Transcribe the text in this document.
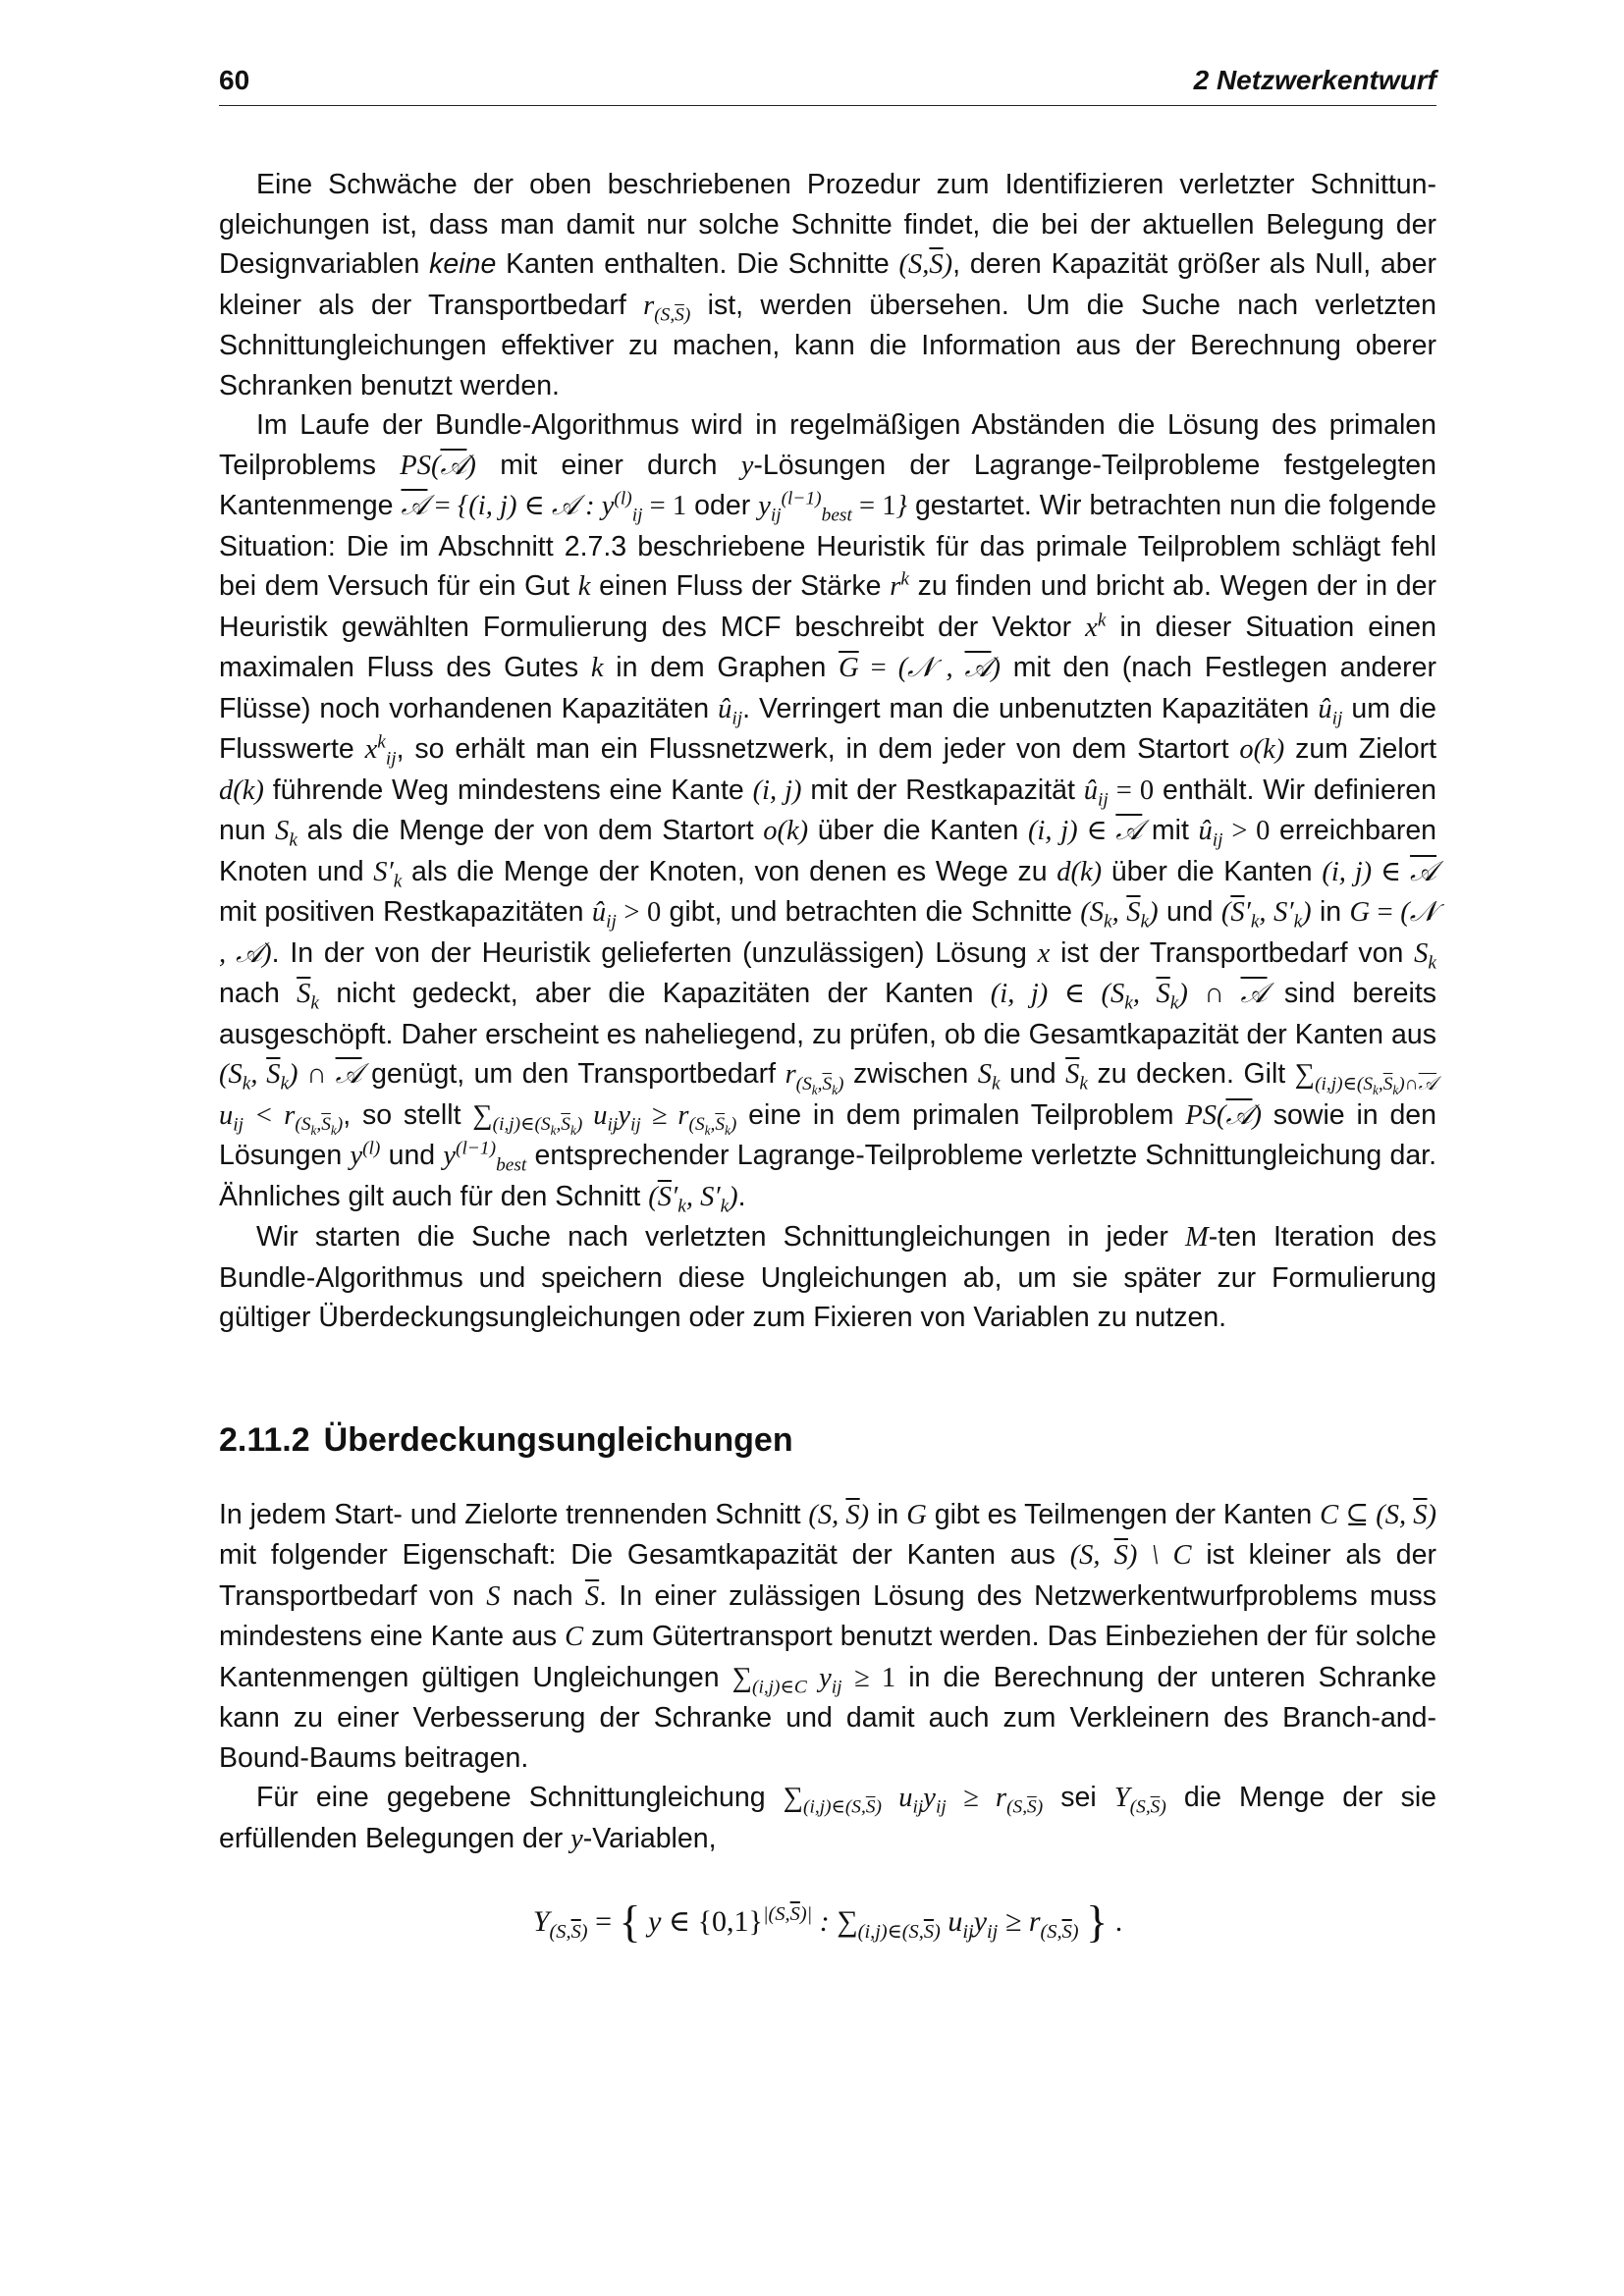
60	2 Netzwerkentwurf

Eine Schwäche der oben beschriebenen Prozedur zum Identifizieren verletzter Schnittungleichungen ist, dass man damit nur solche Schnitte findet, die bei der aktuellen Belegung der Designvariablen keine Kanten enthalten. Die Schnitte $(S,\overline{S})$, deren Kapazität größer als Null, aber kleiner als der Transportbedarf $r_{(S,\overline{S})}$ ist, werden übersehen. Um die Suche nach verletzten Schnittungleichungen effektiver zu machen, kann die Information aus der Berechnung oberer Schranken benutzt werden.

Im Laufe der Bundle-Algorithmus wird in regelmäßigen Abständen die Lösung des primalen Teilproblems PS(𝒜) mit einer durch y-Lösungen der Lagrange-Teilprobleme festgelegten Kantenmenge 𝒜 = {(i, j) ∈ 𝒜 : $y^{(l)}_{ij} = 1$ oder $y_{ij}^{(l-1)}_{best} = 1$} gestartet. Wir betrachten nun die folgende Situation: Die im Abschnitt 2.7.3 beschriebene Heuristik für das primale Teilproblem schlägt fehl bei dem Versuch für ein Gut k einen Fluss der Stärke $r^k$ zu finden und bricht ab. Wegen der in der Heuristik gewählten Formulierung des MCF beschreibt der Vektor $x^k$ in dieser Situation einen maximalen Fluss des Gutes k in dem Graphen $\overline{G}$ = (𝒩 , 𝒜) mit den (nach Festlegen anderer Flüsse) noch vorhandenen Kapazitäten $û_{ij}$. Verringert man die unbenutzten Kapazitäten $û_{ij}$ um die Flusswerte $x^k_{ij}$, so erhält man ein Flussnetzwerk, in dem jeder von dem Startort o(k) zum Zielort d(k) führende Weg mindestens eine Kante (i, j) mit der Restkapazität $û_{ij} = 0$ enthält. Wir definieren nun $S_k$ als die Menge der von dem Startort o(k) über die Kanten (i, j) ∈ 𝒜 mit $û_{ij} > 0$ erreichbaren Knoten und $S'_k$ als die Menge der Knoten, von denen es Wege zu d(k) über die Kanten (i, j) ∈ 𝒜 mit positiven Restkapazitäten $û_{ij} > 0$ gibt, und betrachten die Schnitte ($S_k$, $\overline{S}_k$) und ($\overline{S}'_k$, $S'_k$) in G = (𝒩 , 𝒜). In der von der Heuristik gelieferten (unzulässigen) Lösung x ist der Transportbedarf von $S_k$ nach $\overline{S}_k$ nicht gedeckt, aber die Kapazitäten der Kanten (i, j) ∈ ($S_k$, $\overline{S}_k$) ∩ 𝒜 sind bereits ausgeschöpft. Daher erscheint es naheliegend, zu prüfen, ob die Gesamtkapazität der Kanten aus ($S_k$, $\overline{S}_k$) ∩ 𝒜 genügt, um den Transportbedarf $r_{(S_k,\overline{S}_k)}$ zwischen $S_k$ und $\overline{S}_k$ zu decken. Gilt $\sum_{(i,j)\in(S_k,\overline{S}_k)\cap 𝒜}$ $u_{ij} < r_{(S_k,\overline{S}_k)}$, so stellt $\sum_{(i,j)\in(S_k,\overline{S}_k)}$ $u_{ij}y_{ij} \ge r_{(S_k,\overline{S}_k)}$ eine in dem primalen Teilproblem PS(𝒜) sowie in den Lösungen $y^{(l)}$ und $y^{(l-1)}_{best}$ entsprechender Lagrange-Teilprobleme verletzte Schnittungleichung dar. Ähnliches gilt auch für den Schnitt ($\overline{S}'_k$, $S'_k$).

Wir starten die Suche nach verletzten Schnittungleichungen in jeder M-ten Iteration des Bundle-Algorithmus und speichern diese Ungleichungen ab, um sie später zur Formulierung gültiger Überdeckungsungleichungen oder zum Fixieren von Variablen zu nutzen.

2.11.2 Überdeckungsungleichungen

In jedem Start- und Zielorte trennenden Schnitt (S, $\overline{S}$) in G gibt es Teilmengen der Kanten C ⊆ (S, $\overline{S}$) mit folgender Eigenschaft: Die Gesamtkapazität der Kanten aus (S, $\overline{S}$) \ C ist kleiner als der Transportbedarf von S nach $\overline{S}$. In einer zulässigen Lösung des Netzwerkentwurfproblems muss mindestens eine Kante aus C zum Gütertransport benutzt werden. Das Einbeziehen der für solche Kantenmengen gültigen Ungleichungen $\sum_{(i,j)\in C}$ $y_{ij} \ge 1$ in die Berechnung der unteren Schranke kann zu einer Verbesserung der Schranke und damit auch zum Verkleinern des Branch-and-Bound-Baums beitragen.

Für eine gegebene Schnittungleichung $\sum_{(i,j)\in(S,\overline{S})}$ $u_{ij}y_{ij} \ge r_{(S,\overline{S})}$ sei $Y_{(S,\overline{S})}$ die Menge der sie erfüllenden Belegungen der y-Variablen,

$Y_{(S,\overline{S})}$ = { y ∈ $\{0,1\}^{|(S,\overline{S})|}$ : $\sum_{(i,j)\in(S,\overline{S})}$ $u_{ij}y_{ij} \ge r_{(S,\overline{S})}$ } .
